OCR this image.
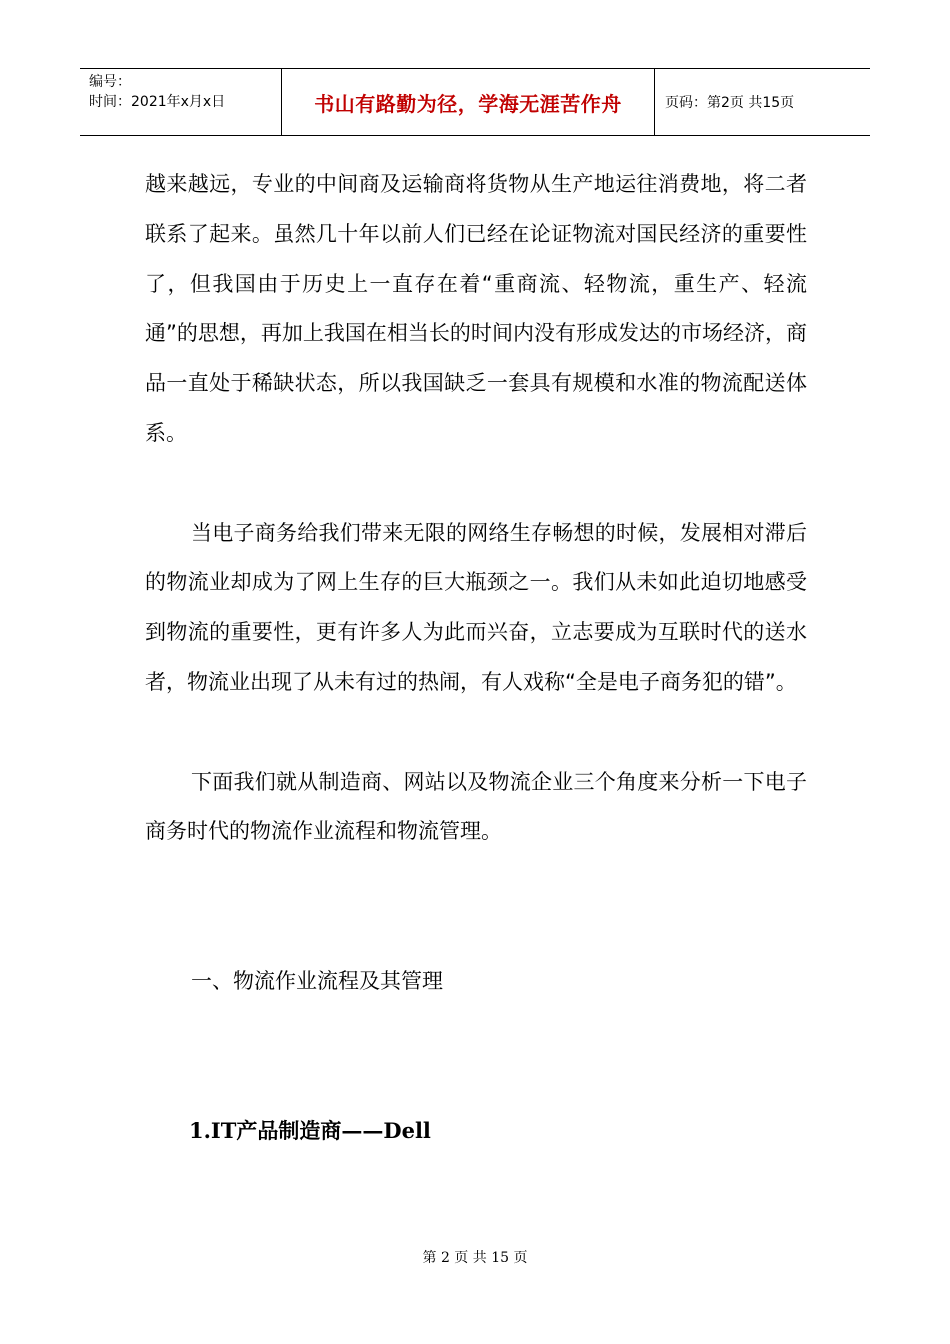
编号：
时间：2021年x月x日	书山有路勤为径，学海无涯苦作舟	页码：第2页 共15页

越来越远，专业的中间商及运输商将货物从生产地运往消费地，将二者联系了起来。虽然几十年以前人们已经在论证物流对国民经济的重要性了，但我国由于历史上一直存在着“重商流、轻物流，重生产、轻流通”的思想，再加上我国在相当长的时间内没有形成发达的市场经济，商品一直处于稀缺状态，所以我国缺乏一套具有规模和水准的物流配送体系。

当电子商务给我们带来无限的网络生存畅想的时候，发展相对滞后的物流业却成为了网上生存的巨大瓶颈之一。我们从未如此迫切地感受到物流的重要性，更有许多人为此而兴奋，立志要成为互联时代的送水者，物流业出现了从未有过的热闹，有人戏称“全是电子商务犯的错”。

下面我们就从制造商、网站以及物流企业三个角度来分析一下电子商务时代的物流作业流程和物流管理。

一、物流作业流程及其管理

1.IT产品制造商——Dell

第 2 页 共 15 页
